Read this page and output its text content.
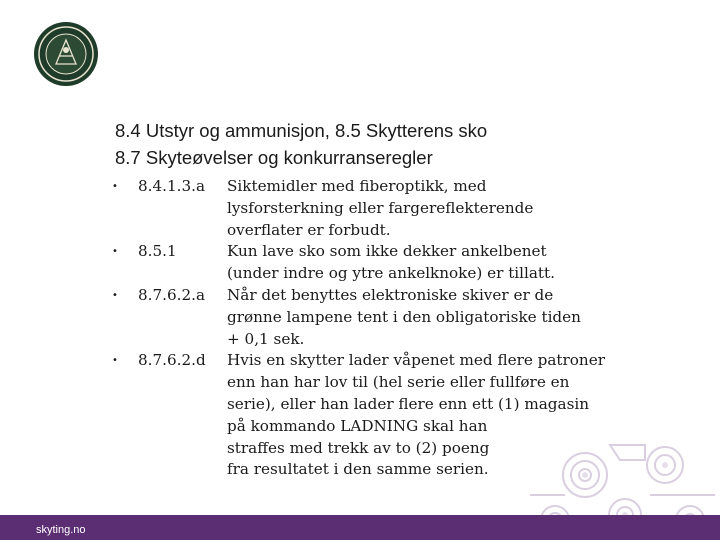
8.4 Utstyr og ammunisjon, 8.5 Skytterens sko
8.7 Skyteøvelser og konkurranseregler
•	8.4.1.3.a	Siktemidler med fiberoptikk, med
lysforsterkning eller fargereflekterende
overflater er forbudt.
•	8.5.1	Kun lave sko som ikke dekker ankelbenet
(under indre og ytre ankelknoke) er tillatt.
•	8.7.6.2.a	Når det benyttes elektroniske skiver er de
grønne lampene tent i den obligatoriske tiden
+ 0,1 sek.
•	8.7.6.2.d	Hvis en skytter lader våpenet med flere patroner
enn han har lov til (hel serie eller fullføre en
serie), eller han lader flere enn ett (1) magasin
på kommando LADNING skal han
straffes med trekk av to (2) poeng
fra resultatet i den samme serien.
skyting.no
